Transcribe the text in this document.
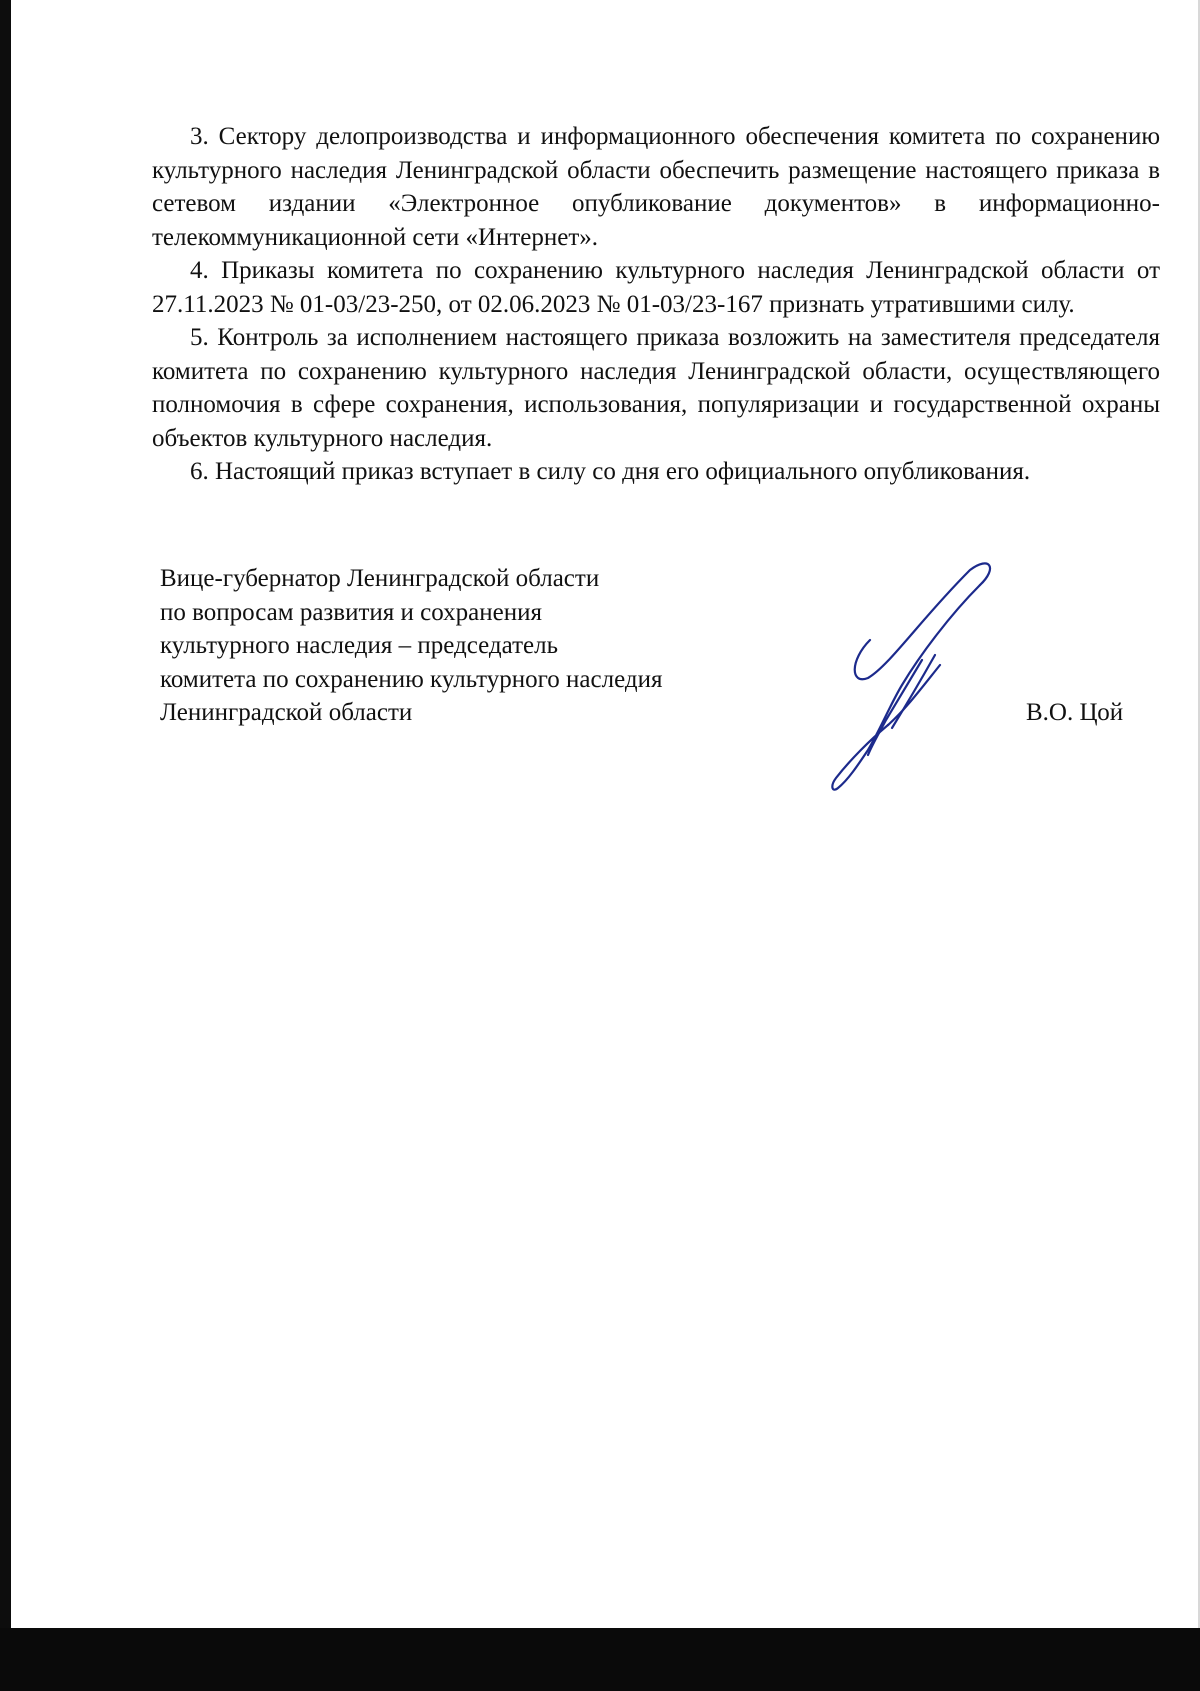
3. Сектору делопроизводства и информационного обеспечения комитета по сохранению культурного наследия Ленинградской области обеспечить размещение настоящего приказа в сетевом издании «Электронное опубликование документов» в информационно-телекоммуникационной сети «Интернет».

4. Приказы комитета по сохранению культурного наследия Ленинградской области от 27.11.2023 № 01-03/23-250, от 02.06.2023 № 01-03/23-167 признать утратившими силу.

5. Контроль за исполнением настоящего приказа возложить на заместителя председателя комитета по сохранению культурного наследия Ленинградской области, осуществляющего полномочия в сфере сохранения, использования, популяризации и государственной охраны объектов культурного наследия.

6. Настоящий приказ вступает в силу со дня его официального опубликования.

Вице-губернатор Ленинградской области
по вопросам развития и сохранения
культурного наследия – председатель
комитета по сохранению культурного наследия
Ленинградской области	В.О. Цой
